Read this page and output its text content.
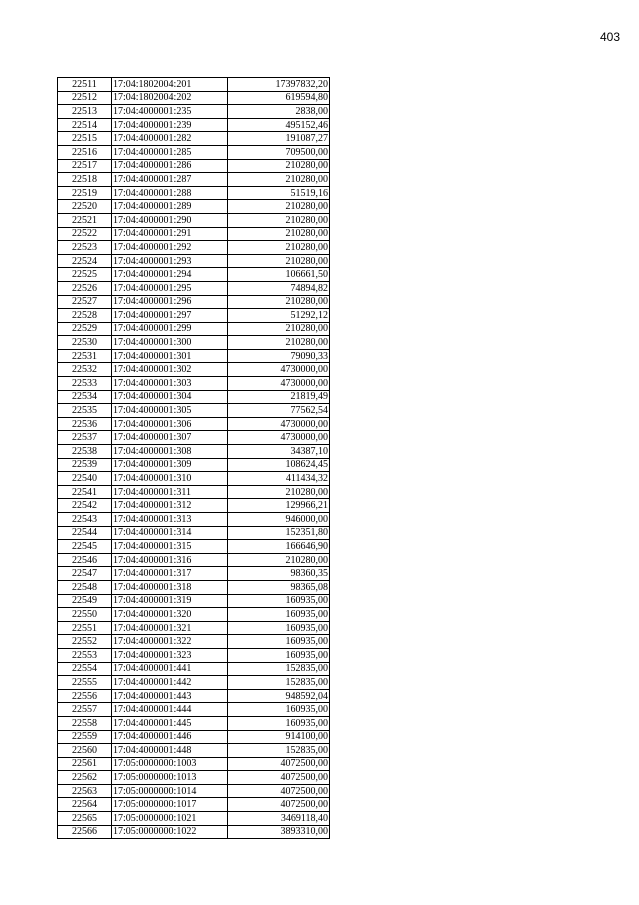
403
22511	17:04:1802004:201	17397832,20
22512	17:04:1802004:202	619594,80
22513	17:04:4000001:235	2838,00
22514	17:04:4000001:239	495152,46
22515	17:04:4000001:282	191087,27
22516	17:04:4000001:285	709500,00
22517	17:04:4000001:286	210280,00
22518	17:04:4000001:287	210280,00
22519	17:04:4000001:288	51519,16
22520	17:04:4000001:289	210280,00
22521	17:04:4000001:290	210280,00
22522	17:04:4000001:291	210280,00
22523	17:04:4000001:292	210280,00
22524	17:04:4000001:293	210280,00
22525	17:04:4000001:294	106661,50
22526	17:04:4000001:295	74894,82
22527	17:04:4000001:296	210280,00
22528	17:04:4000001:297	51292,12
22529	17:04:4000001:299	210280,00
22530	17:04:4000001:300	210280,00
22531	17:04:4000001:301	79090,33
22532	17:04:4000001:302	4730000,00
22533	17:04:4000001:303	4730000,00
22534	17:04:4000001:304	21819,49
22535	17:04:4000001:305	77562,54
22536	17:04:4000001:306	4730000,00
22537	17:04:4000001:307	4730000,00
22538	17:04:4000001:308	34387,10
22539	17:04:4000001:309	108624,45
22540	17:04:4000001:310	411434,32
22541	17:04:4000001:311	210280,00
22542	17:04:4000001:312	129966,21
22543	17:04:4000001:313	946000,00
22544	17:04:4000001:314	152351,80
22545	17:04:4000001:315	166646,90
22546	17:04:4000001:316	210280,00
22547	17:04:4000001:317	98360,35
22548	17:04:4000001:318	98365,08
22549	17:04:4000001:319	160935,00
22550	17:04:4000001:320	160935,00
22551	17:04:4000001:321	160935,00
22552	17:04:4000001:322	160935,00
22553	17:04:4000001:323	160935,00
22554	17:04:4000001:441	152835,00
22555	17:04:4000001:442	152835,00
22556	17:04:4000001:443	948592,04
22557	17:04:4000001:444	160935,00
22558	17:04:4000001:445	160935,00
22559	17:04:4000001:446	914100,00
22560	17:04:4000001:448	152835,00
22561	17:05:0000000:1003	4072500,00
22562	17:05:0000000:1013	4072500,00
22563	17:05:0000000:1014	4072500,00
22564	17:05:0000000:1017	4072500,00
22565	17:05:0000000:1021	3469118,40
22566	17:05:0000000:1022	3893310,00
